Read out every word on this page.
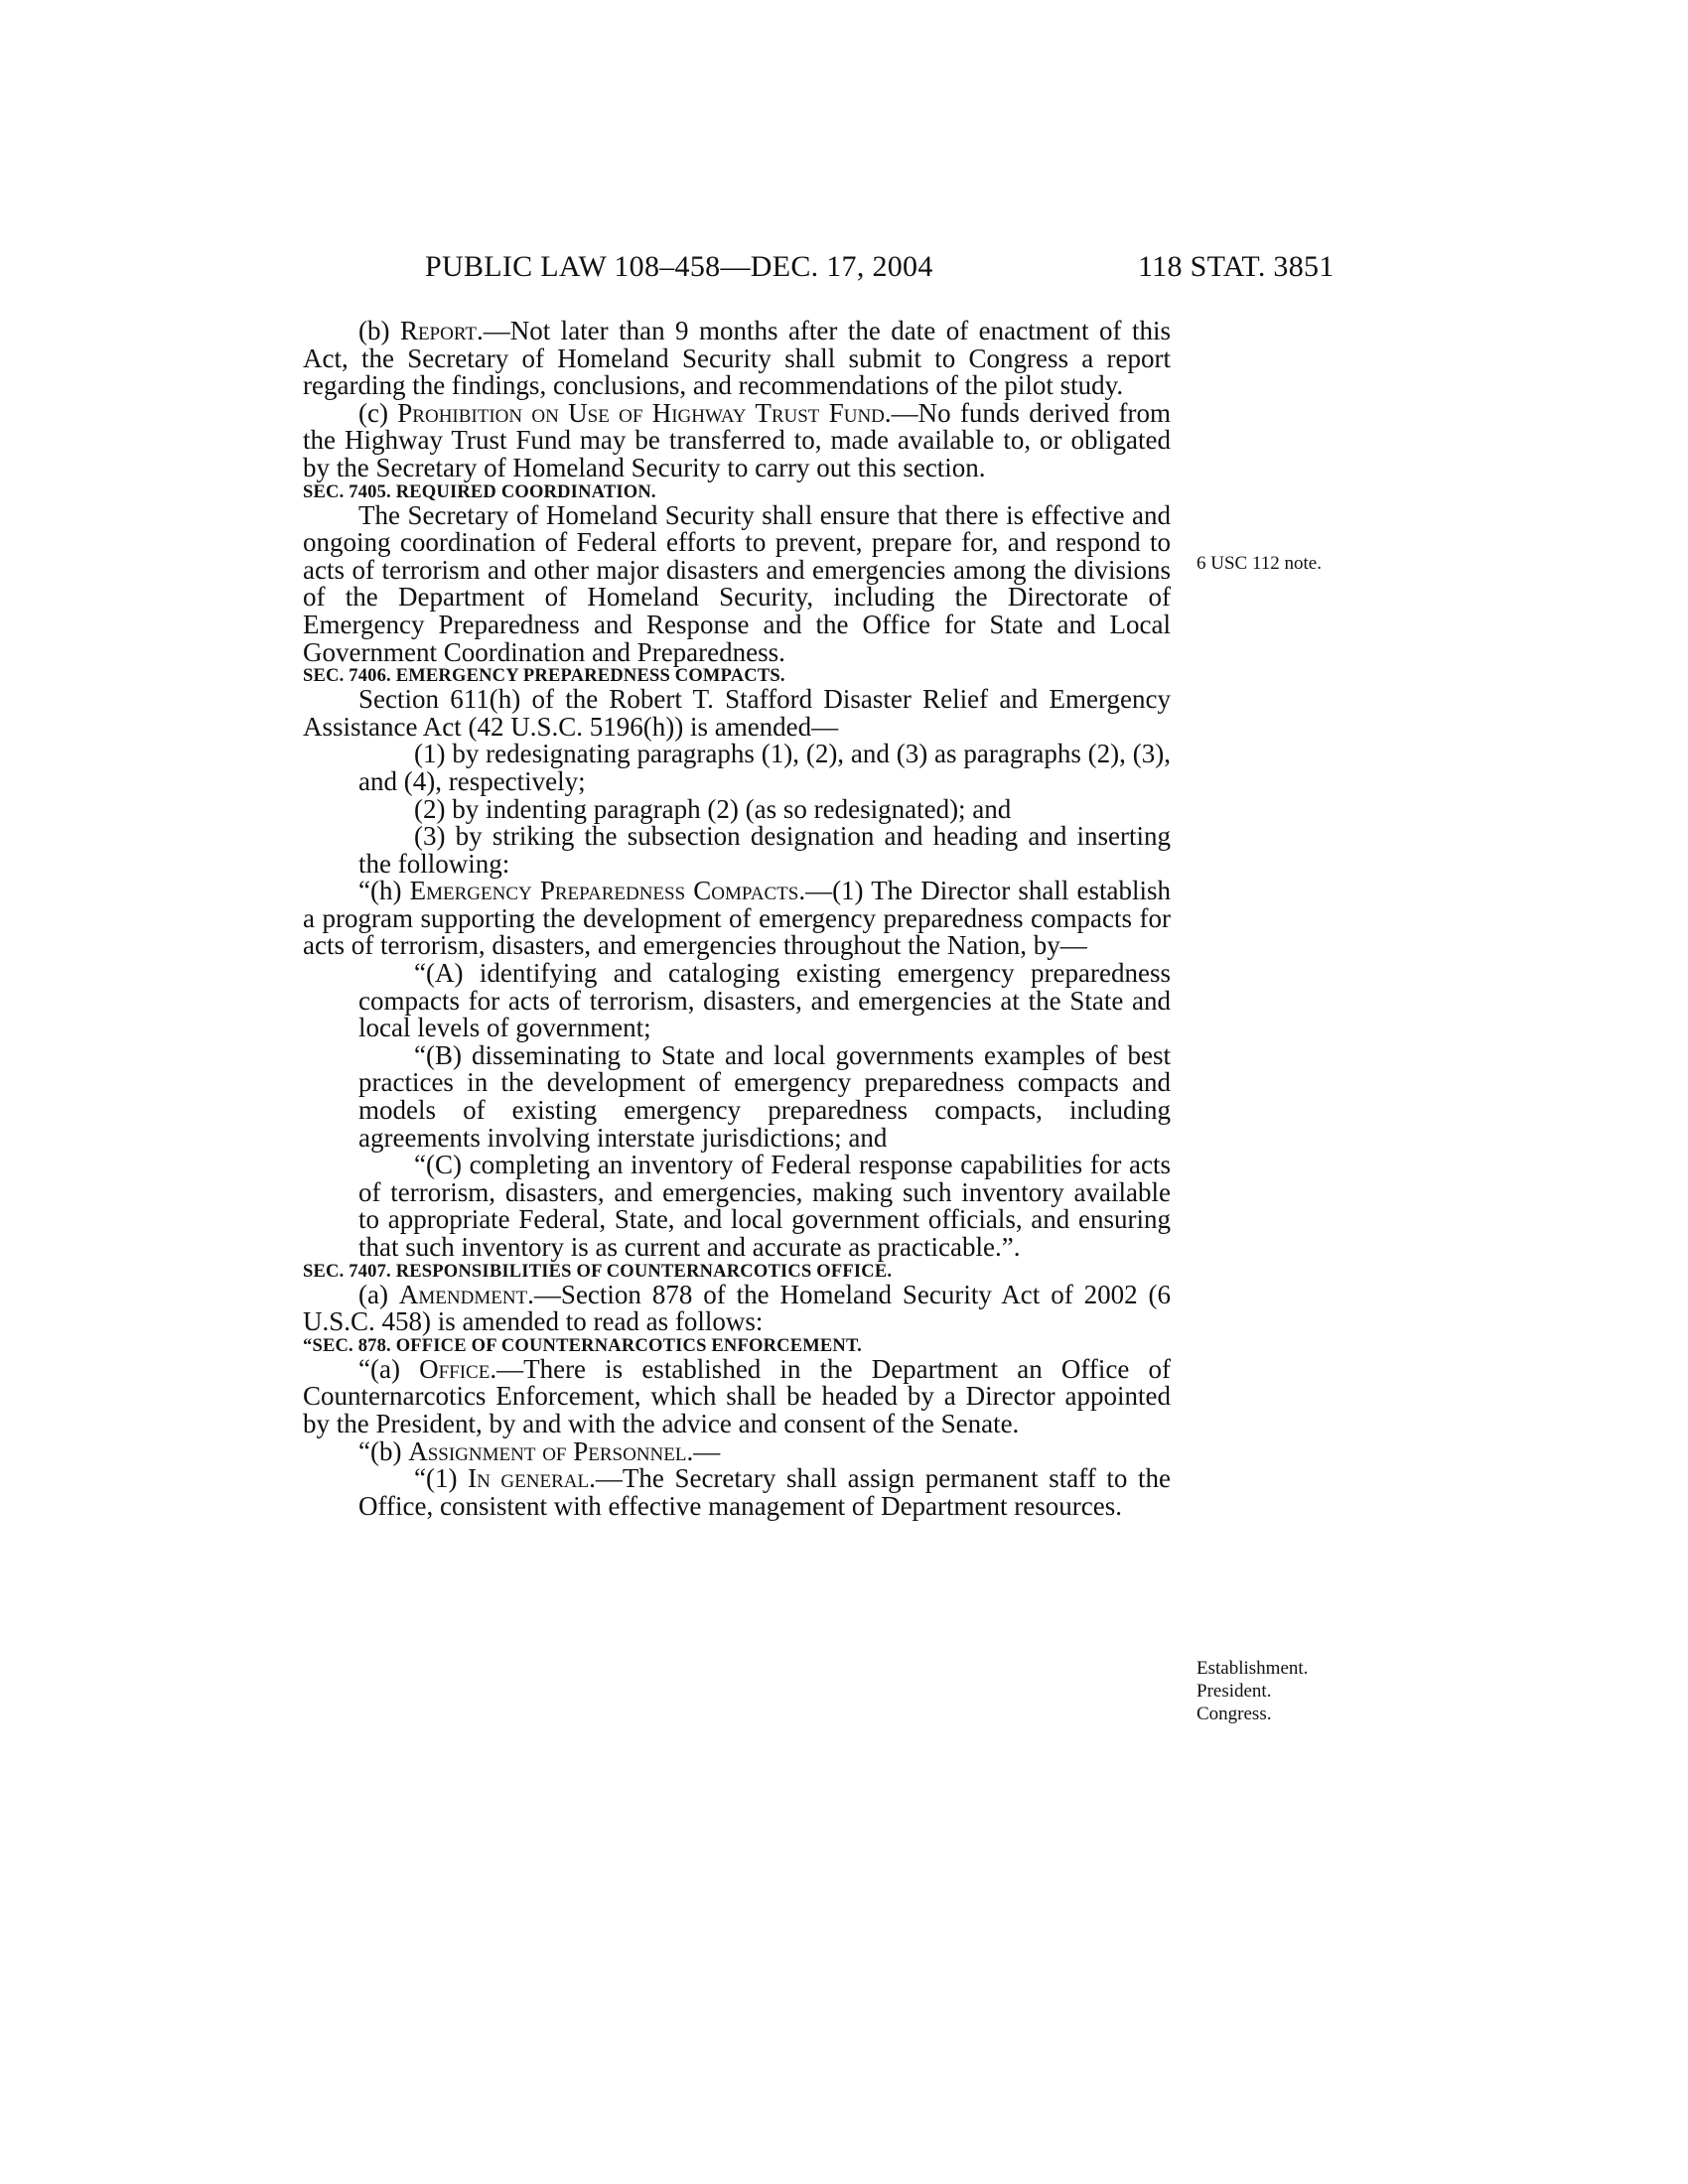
PUBLIC LAW 108–458—DEC. 17, 2004	118 STAT. 3851
6 USC 112 note.
Establishment.
President.
Congress.

(b) Report.—Not later than 9 months after the date of enactment of this Act, the Secretary of Homeland Security shall submit to Congress a report regarding the findings, conclusions, and recommendations of the pilot study.

(c) Prohibition on Use of Highway Trust Fund.—No funds derived from the Highway Trust Fund may be transferred to, made available to, or obligated by the Secretary of Homeland Security to carry out this section.

SEC. 7405. REQUIRED COORDINATION.

The Secretary of Homeland Security shall ensure that there is effective and ongoing coordination of Federal efforts to prevent, prepare for, and respond to acts of terrorism and other major disasters and emergencies among the divisions of the Department of Homeland Security, including the Directorate of Emergency Preparedness and Response and the Office for State and Local Government Coordination and Preparedness.

SEC. 7406. EMERGENCY PREPAREDNESS COMPACTS.

Section 611(h) of the Robert T. Stafford Disaster Relief and Emergency Assistance Act (42 U.S.C. 5196(h)) is amended—

(1) by redesignating paragraphs (1), (2), and (3) as paragraphs (2), (3), and (4), respectively;

(2) by indenting paragraph (2) (as so redesignated); and

(3) by striking the subsection designation and heading and inserting the following:

“(h) Emergency Preparedness Compacts.—(1) The Director shall establish a program supporting the development of emergency preparedness compacts for acts of terrorism, disasters, and emergencies throughout the Nation, by—

“(A) identifying and cataloging existing emergency preparedness compacts for acts of terrorism, disasters, and emergencies at the State and local levels of government;

“(B) disseminating to State and local governments examples of best practices in the development of emergency preparedness compacts and models of existing emergency preparedness compacts, including agreements involving interstate jurisdictions; and

“(C) completing an inventory of Federal response capabilities for acts of terrorism, disasters, and emergencies, making such inventory available to appropriate Federal, State, and local government officials, and ensuring that such inventory is as current and accurate as practicable.”.

SEC. 7407. RESPONSIBILITIES OF COUNTERNARCOTICS OFFICE.

(a) Amendment.—Section 878 of the Homeland Security Act of 2002 (6 U.S.C. 458) is amended to read as follows:

“SEC. 878. OFFICE OF COUNTERNARCOTICS ENFORCEMENT.

“(a) Office.—There is established in the Department an Office of Counternarcotics Enforcement, which shall be headed by a Director appointed by the President, by and with the advice and consent of the Senate.

“(b) Assignment of Personnel.—

“(1) In general.—The Secretary shall assign permanent staff to the Office, consistent with effective management of Department resources.
